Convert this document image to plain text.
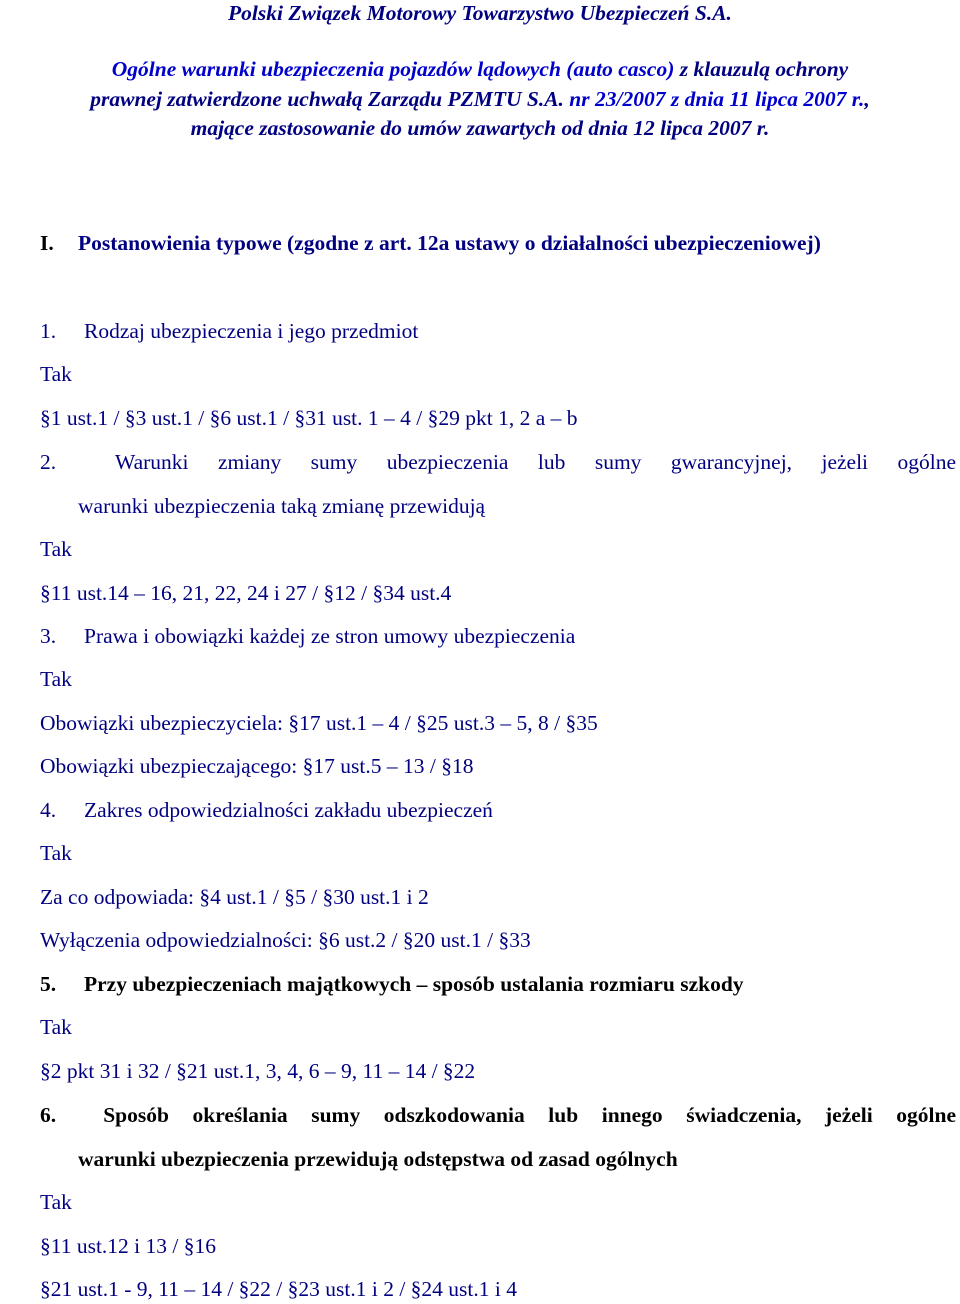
Polski Związek Motorowy Towarzystwo Ubezpieczeń S.A.
Ogólne warunki ubezpieczenia pojazdów lądowych (auto casco) z klauzulą ochrony
prawnej zatwierdzone uchwałą Zarządu PZMTU S.A. nr 23/2007 z dnia 11 lipca 2007 r.,
mające zastosowanie do umów zawartych od dnia 12 lipca 2007 r.
I. Postanowienia typowe (zgodne z art. 12a ustawy o działalności ubezpieczeniowej)
1. Rodzaj ubezpieczenia i jego przedmiot
Tak
§1 ust.1 / §3 ust.1 / §6 ust.1 / §31 ust. 1 – 4 / §29 pkt 1, 2 a – b
2.	Warunki zmiany sumy ubezpieczenia lub sumy gwarancyjnej, jeżeli ogólne
warunki ubezpieczenia taką zmianę przewidują
Tak
§11 ust.14 – 16, 21, 22, 24 i 27 / §12 / §34 ust.4
3. Prawa i obowiązki każdej ze stron umowy ubezpieczenia
Tak
Obowiązki ubezpieczyciela: §17 ust.1 – 4 / §25 ust.3 – 5, 8 / §35
Obowiązki ubezpieczającego: §17 ust.5 – 13 / §18
4. Zakres odpowiedzialności zakładu ubezpieczeń
Tak
Za co odpowiada: §4 ust.1 / §5 / §30 ust.1 i 2
Wyłączenia odpowiedzialności: §6 ust.2 / §20 ust.1 / §33
5. Przy ubezpieczeniach majątkowych – sposób ustalania rozmiaru szkody
Tak
§2 pkt 31 i 32 / §21 ust.1, 3, 4, 6 – 9, 11 – 14 / §22
6. Sposób określania sumy odszkodowania lub innego świadczenia, jeżeli ogólne
warunki ubezpieczenia przewidują odstępstwa od zasad ogólnych
Tak
§11 ust.12 i 13 / §16
§21 ust.1 - 9, 11 – 14 / §22 / §23 ust.1 i 2 / §24 ust.1 i 4
